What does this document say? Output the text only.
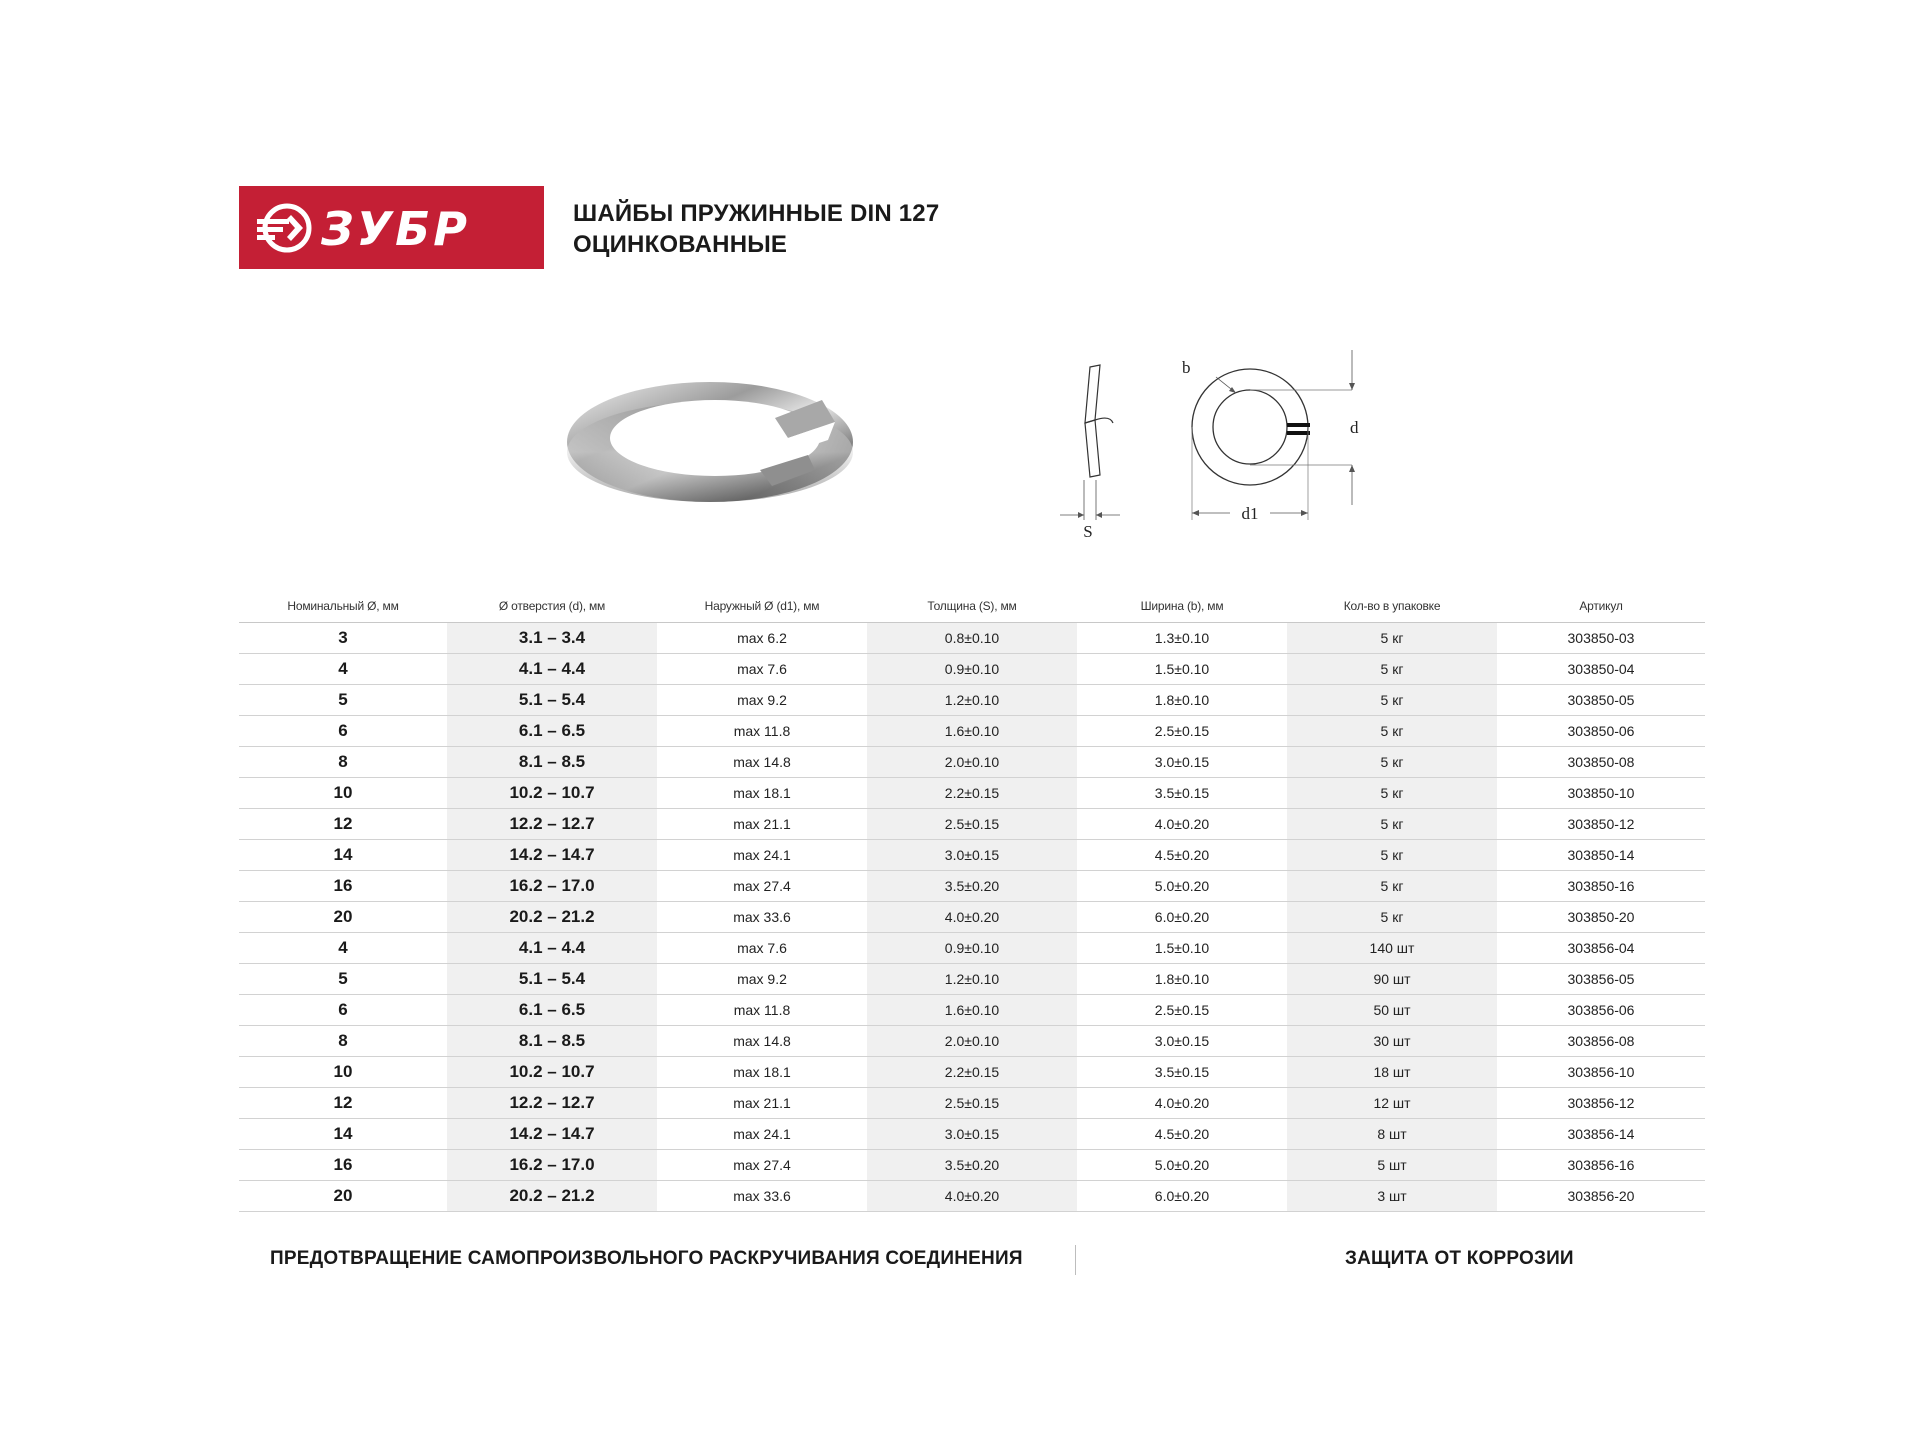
ЗУБР	ШАЙБЫ ПРУЖИННЫЕ DIN 127
ОЦИНКОВАННЫЕ
S
b
d
d1
Номинальный Ø, мм	Ø отверстия (d), мм	Наружный Ø (d1), мм	Толщина (S), мм	Ширина (b), мм	Кол-во в упаковке	Артикул
3	3.1 – 3.4	max 6.2	0.8±0.10	1.3±0.10	5 кг	303850-03
4	4.1 – 4.4	max 7.6	0.9±0.10	1.5±0.10	5 кг	303850-04
5	5.1 – 5.4	max 9.2	1.2±0.10	1.8±0.10	5 кг	303850-05
6	6.1 – 6.5	max 11.8	1.6±0.10	2.5±0.15	5 кг	303850-06
8	8.1 – 8.5	max 14.8	2.0±0.10	3.0±0.15	5 кг	303850-08
10	10.2 – 10.7	max 18.1	2.2±0.15	3.5±0.15	5 кг	303850-10
12	12.2 – 12.7	max 21.1	2.5±0.15	4.0±0.20	5 кг	303850-12
14	14.2 – 14.7	max 24.1	3.0±0.15	4.5±0.20	5 кг	303850-14
16	16.2 – 17.0	max 27.4	3.5±0.20	5.0±0.20	5 кг	303850-16
20	20.2 – 21.2	max 33.6	4.0±0.20	6.0±0.20	5 кг	303850-20
4	4.1 – 4.4	max 7.6	0.9±0.10	1.5±0.10	140 шт	303856-04
5	5.1 – 5.4	max 9.2	1.2±0.10	1.8±0.10	90 шт	303856-05
6	6.1 – 6.5	max 11.8	1.6±0.10	2.5±0.15	50 шт	303856-06
8	8.1 – 8.5	max 14.8	2.0±0.10	3.0±0.15	30 шт	303856-08
10	10.2 – 10.7	max 18.1	2.2±0.15	3.5±0.15	18 шт	303856-10
12	12.2 – 12.7	max 21.1	2.5±0.15	4.0±0.20	12 шт	303856-12
14	14.2 – 14.7	max 24.1	3.0±0.15	4.5±0.20	8 шт	303856-14
16	16.2 – 17.0	max 27.4	3.5±0.20	5.0±0.20	5 шт	303856-16
20	20.2 – 21.2	max 33.6	4.0±0.20	6.0±0.20	3 шт	303856-20
ПРЕДОТВРАЩЕНИЕ САМОПРОИЗВОЛЬНОГО РАСКРУЧИВАНИЯ СОЕДИНЕНИЯ	ЗАЩИТА ОТ КОРРОЗИИ
